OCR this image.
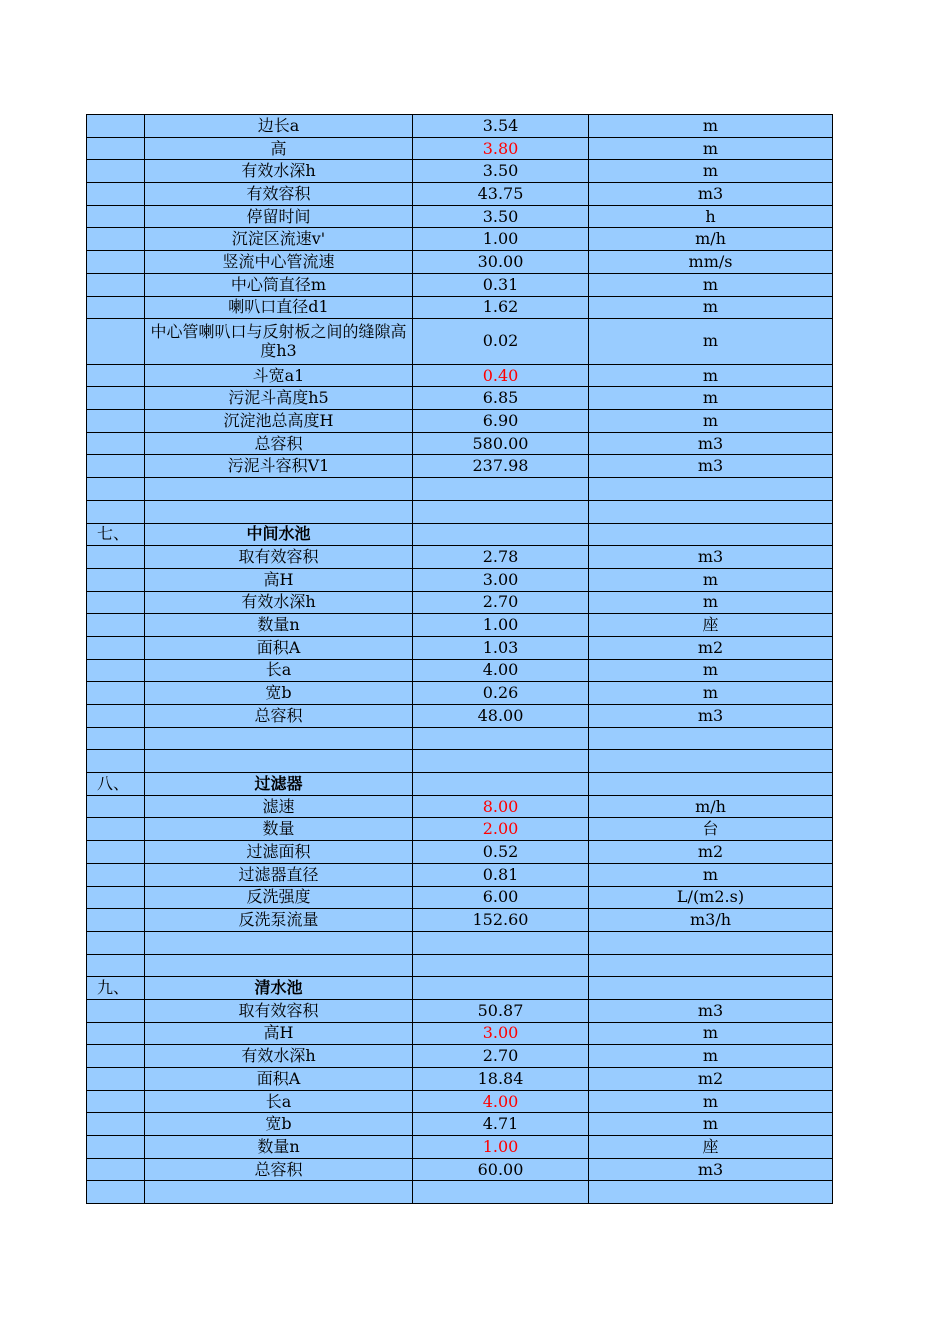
	边长a	3.54	m
	高	3.80	m
	有效水深h	3.50	m
	有效容积	43.75	m3
	停留时间	3.50	h
	沉淀区流速v'	1.00	m/h
	竖流中心管流速	30.00	mm/s
	中心筒直径m	0.31	m
	喇叭口直径d1	1.62	m
	中心管喇叭口与反射板之间的缝隙高度h3	0.02	m
	斗宽a1	0.40	m
	污泥斗高度h5	6.85	m
	沉淀池总高度H	6.90	m
	总容积	580.00	m3
	污泥斗容积V1	237.98	m3

七、	中间水池		
	取有效容积	2.78	m3
	高H	3.00	m
	有效水深h	2.70	m
	数量n	1.00	座
	面积A	1.03	m2
	长a	4.00	m
	宽b	0.26	m
	总容积	48.00	m3

八、	过滤器		
	滤速	8.00	m/h
	数量	2.00	台
	过滤面积	0.52	m2
	过滤器直径	0.81	m
	反洗强度	6.00	L/(m2.s)
	反洗泵流量	152.60	m3/h

九、	清水池		
	取有效容积	50.87	m3
	高H	3.00	m
	有效水深h	2.70	m
	面积A	18.84	m2
	长a	4.00	m
	宽b	4.71	m
	数量n	1.00	座
	总容积	60.00	m3
